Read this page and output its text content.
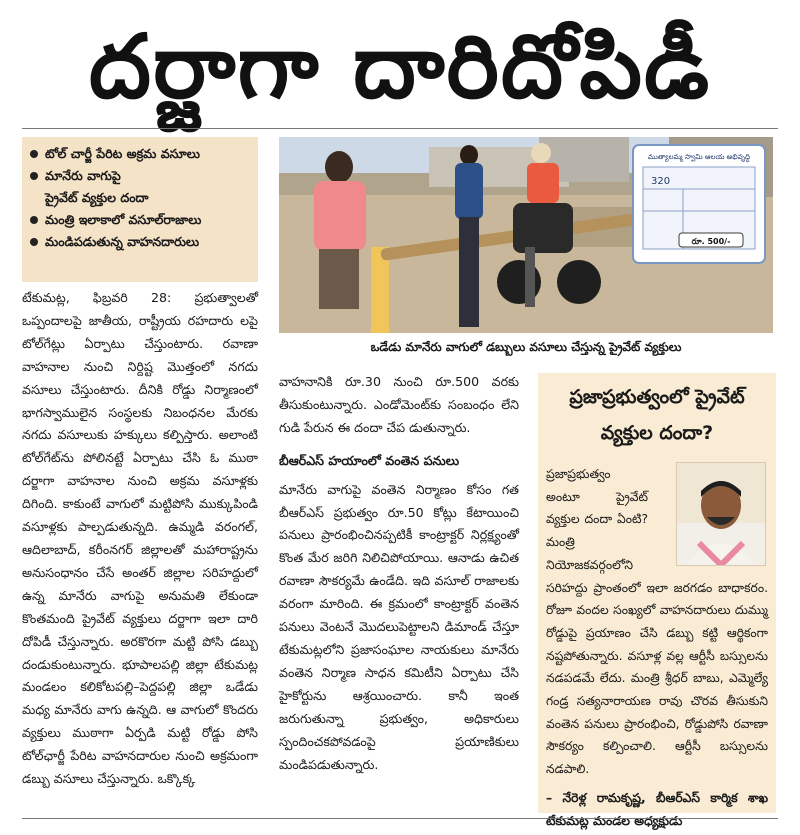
దర్జాగా దారిదోపిడీ
టోల్‌ చార్జీ పేరిట అక్రమ వసూలు
మానేరు వాగుపై
ప్రైవేట్‌ వ్యక్తుల దందా
మంత్రి ఇలాకాలో వసూల్‌రాజాలు
మండిపడుతున్న వాహనదారులు
ముత్యాలమ్మ స్వామి ఆలయ అభివృద్ధి
320
రూ. 500/-
ఒడేడు మానేరు వాగులో డబ్బులు వసూలు చేస్తున్న ప్రైవేట్‌ వ్యక్తులు

టేకుమట్ల, ఫిబ్రవరి 28: ప్రభుత్వాలతో ఒప్పందాలపై జాతీయ, రాష్ట్రీయ రహదారు లపై టోల్‌గేట్లు ఏర్పాటు చేస్తుంటారు. రవాణా వాహనాల నుంచి నిర్దిష్ట మొత్తంలో నగదు వసూలు చేస్తుంటారు. దీనికి రోడ్డు నిర్మాణంలో భాగస్వాములైన సంస్థలకు నిబంధనల మేరకు నగదు వసూలుకు హక్కులు కల్పిస్తారు. అలాంటి టోల్‌గేట్‌ను పోలినట్టే ఏర్పాటు చేసి ఓ ముఠా దర్జాగా వాహనాల నుంచి అక్రమ వసూళ్లకు దిగింది. కాకుంటే వాగులో మట్టిపోసి ముక్కుపిండి వసూళ్లకు పాల్పడుతున్నది. ఉమ్మడి వరంగల్‌, ఆదిలాబాద్‌, కరీంనగర్‌ జిల్లాలతో మహారాష్ట్రను అనుసంధానం చేసే అంతర్‌ జిల్లాల సరిహద్దులో ఉన్న మానేరు వాగుపై అనుమతి లేకుండా కొంతమంది ప్రైవేట్‌ వ్యక్తులు దర్జాగా ఇలా దారి దోపిడీ చేస్తున్నారు. అరకొరగా మట్టి పోసి డబ్బు దండుకుంటున్నారు. భూపాలపల్లి జిల్లా టేకుమట్ల మండలం కలికోటపల్లి–పెద్దపల్లి జిల్లా ఒడేడు మధ్య మానేరు వాగు ఉన్నది. ఆ వాగులో కొందరు వ్యక్తులు ముఠాగా ఏర్పడి మట్టి రోడ్డు పోసి టోల్‌ఛార్జీ పేరిట వాహనదారుల నుంచి అక్రమంగా డబ్బు వసూలు చేస్తున్నారు. ఒక్కొక్క

వాహనానికి రూ.30 నుంచి రూ.500 వరకు తీసుకుంటున్నారు. ఎండోమెంట్‌కు సంబంధం లేని గుడి పేరున ఈ దందా చేప డుతున్నారు.

బీఆర్‌ఎస్‌ హయాంలో వంతెన పనులు

మానేరు వాగుపై వంతెన నిర్మాణం కోసం గత బీఆర్‌ఎస్‌ ప్రభుత్వం రూ.50 కోట్లు కేటాయించి పనులు ప్రారంభించినప్పటికీ కాంట్రాక్టర్‌ నిర్లక్ష్యంతో కొంత మేర జరిగి నిలిచిపోయాయి. ఆనాడు ఉచిత రవాణా సౌకర్యమే ఉండేది. ఇది వసూల్‌ రాజాలకు వరంగా మారింది. ఈ క్రమంలో కాంట్రాక్టర్‌ వంతెన పనులు వెంటనే మొదలుపెట్టాలని డిమాండ్‌ చేస్తూ టేకుమట్లలోని ప్రజాసంఘాల నాయకులు మానేరు వంతెన నిర్మాణ సాధన కమిటీని ఏర్పాటు చేసి హైకోర్టును ఆశ్రయించారు. కానీ ఇంత జరుగుతున్నా ప్రభుత్వం, అధికారులు స్పందించకపోవడంపై ప్రయాణికులు మండిపడుతున్నారు.

ప్రజాప్రభుత్వంలో ప్రైవేట్‌ వ్యక్తుల దందా?
ప్రజాప్రభుత్వం అంటూ ప్రైవేట్‌ వ్యక్తుల దందా ఏంటి? మంత్రి నియోజకవర్గంలోని సరిహద్దు ప్రాంతంలో ఇలా జరగడం బాధాకరం. రోజూ వందల సంఖ్యలో వాహనదారులు దుమ్ము రోడ్డుపై ప్రయాణం చేసి డబ్బు కట్టి ఆర్థికంగా నష్టపోతున్నారు. వసూళ్ల వల్ల ఆర్టీసీ బస్సులను నడపడమే లేదు. మంత్రి శ్రీధర్‌ బాబు, ఎమ్మెల్యే గండ్ర సత్యనారాయణ రావు చొరవ తీసుకుని వంతెన పనులు ప్రారంభించి, రోడ్డుపోసి రవాణా సౌకర్యం కల్పించాలి. ఆర్టీసీ బస్సులను నడపాలి.
– నేరెళ్ల రామకృష్ణ, బీఆర్‌ఎస్‌ కార్మిక శాఖ టేకుమట్ల మండల అధ్యక్షుడు
